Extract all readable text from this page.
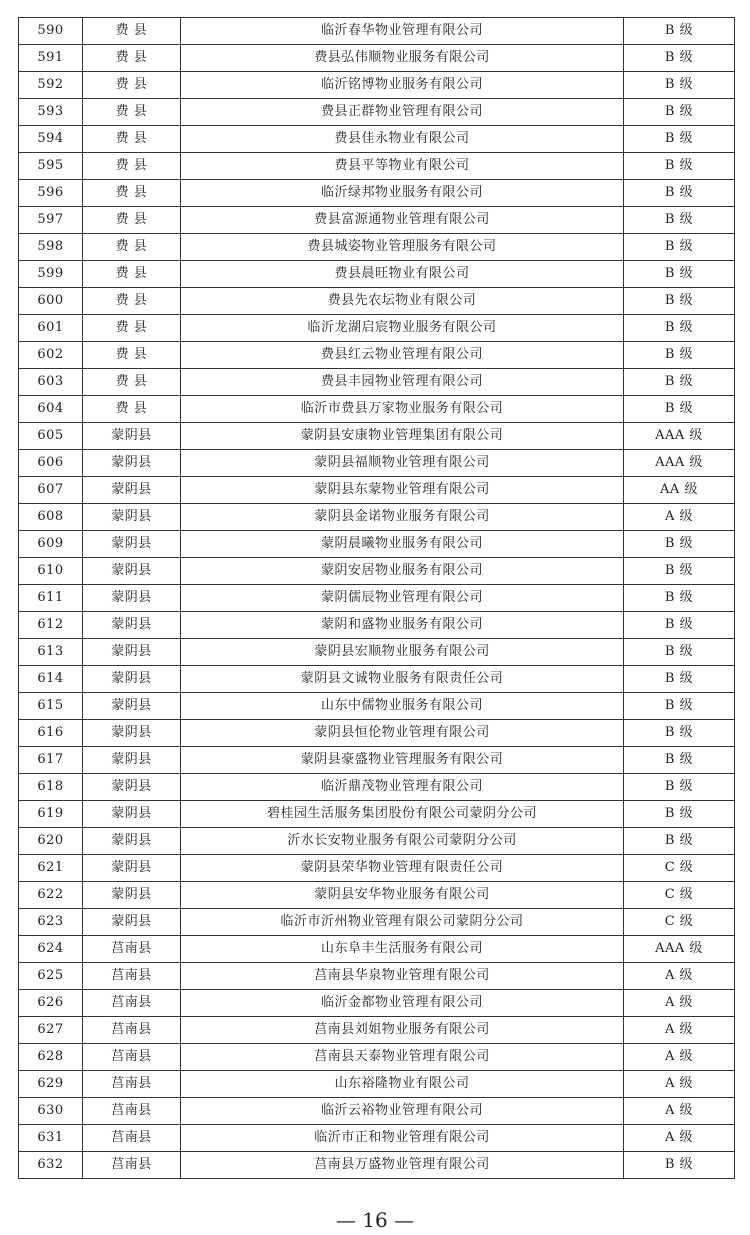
590	费 县	临沂春华物业管理有限公司	B 级
591	费 县	费县弘伟顺物业服务有限公司	B 级
592	费 县	临沂铭博物业服务有限公司	B 级
593	费 县	费县正群物业管理有限公司	B 级
594	费 县	费县佳永物业有限公司	B 级
595	费 县	费县平等物业有限公司	B 级
596	费 县	临沂绿邦物业服务有限公司	B 级
597	费 县	费县富源通物业管理有限公司	B 级
598	费 县	费县城姿物业管理服务有限公司	B 级
599	费 县	费县晨旺物业有限公司	B 级
600	费 县	费县先农坛物业有限公司	B 级
601	费 县	临沂龙湖启宸物业服务有限公司	B 级
602	费 县	费县红云物业管理有限公司	B 级
603	费 县	费县丰园物业管理有限公司	B 级
604	费 县	临沂市费县万家物业服务有限公司	B 级
605	蒙阴县	蒙阴县安康物业管理集团有限公司	AAA 级
606	蒙阴县	蒙阴县福顺物业管理有限公司	AAA 级
607	蒙阴县	蒙阴县东蒙物业管理有限公司	AA 级
608	蒙阴县	蒙阴县金诺物业服务有限公司	A 级
609	蒙阴县	蒙阴晨曦物业服务有限公司	B 级
610	蒙阴县	蒙阴安居物业服务有限公司	B 级
611	蒙阴县	蒙阴儒辰物业管理有限公司	B 级
612	蒙阴县	蒙阴和盛物业服务有限公司	B 级
613	蒙阴县	蒙阴县宏顺物业服务有限公司	B 级
614	蒙阴县	蒙阴县文诚物业服务有限责任公司	B 级
615	蒙阴县	山东中儒物业服务有限公司	B 级
616	蒙阴县	蒙阴县恒伦物业管理有限公司	B 级
617	蒙阴县	蒙阴县豪盛物业管理服务有限公司	B 级
618	蒙阴县	临沂鼎茂物业管理有限公司	B 级
619	蒙阴县	碧桂园生活服务集团股份有限公司蒙阴分公司	B 级
620	蒙阴县	沂水长安物业服务有限公司蒙阴分公司	B 级
621	蒙阴县	蒙阴县荣华物业管理有限责任公司	C 级
622	蒙阴县	蒙阴县安华物业服务有限公司	C 级
623	蒙阴县	临沂市沂州物业管理有限公司蒙阴分公司	C 级
624	莒南县	山东阜丰生活服务有限公司	AAA 级
625	莒南县	莒南县华泉物业管理有限公司	A 级
626	莒南县	临沂金都物业管理有限公司	A 级
627	莒南县	莒南县刘姐物业服务有限公司	A 级
628	莒南县	莒南县天泰物业管理有限公司	A 级
629	莒南县	山东裕隆物业有限公司	A 级
630	莒南县	临沂云裕物业管理有限公司	A 级
631	莒南县	临沂市正和物业管理有限公司	A 级
632	莒南县	莒南县万盛物业管理有限公司	B 级
— 16 —
